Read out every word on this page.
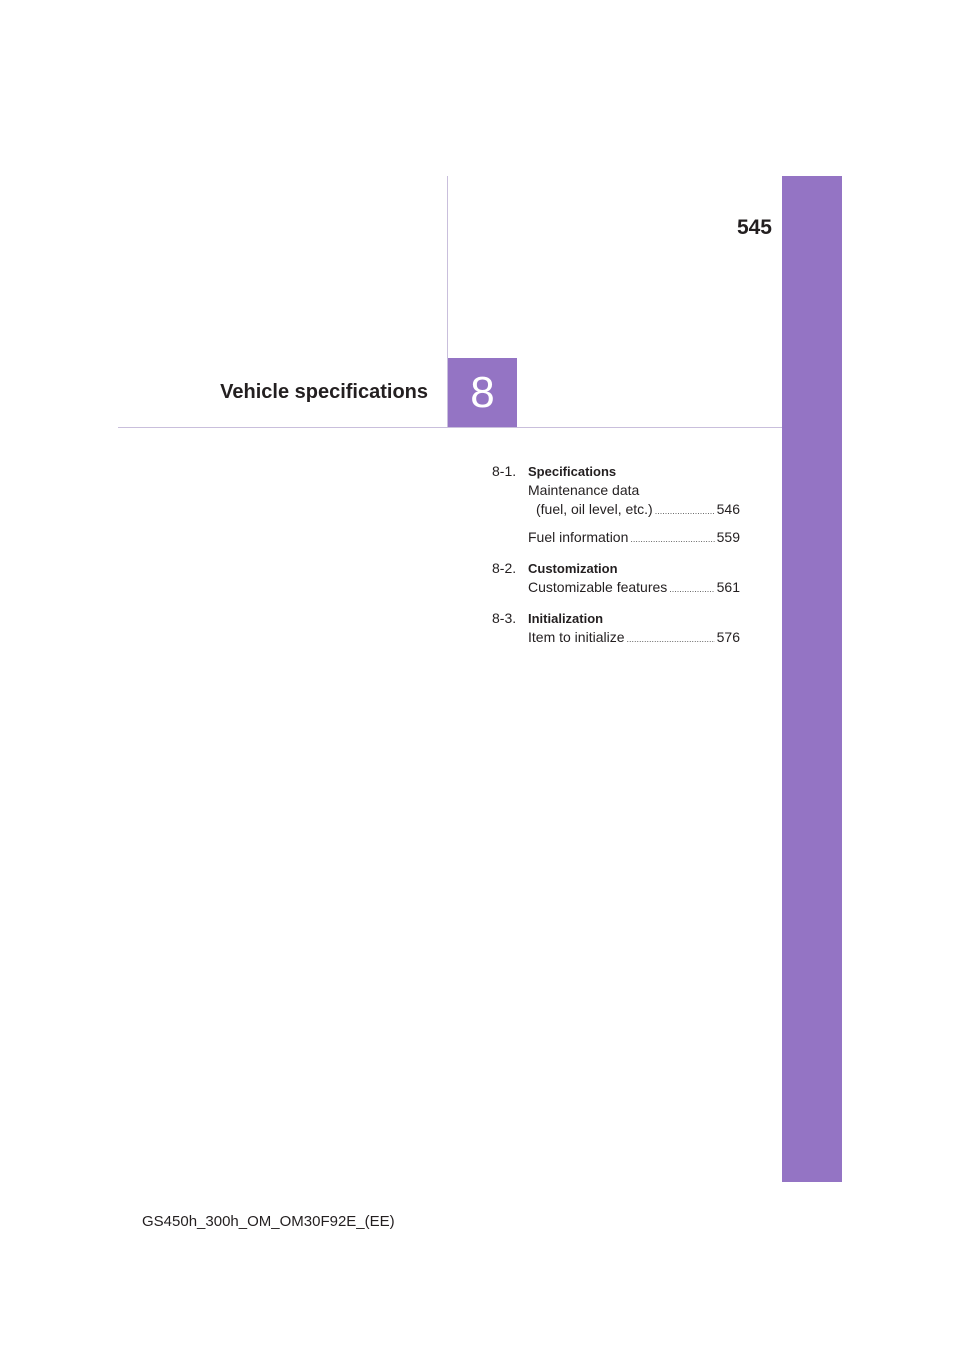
545
Vehicle specifications 8
8-1. Specifications
Maintenance data
(fuel, oil level, etc.) .....	546
Fuel information .....	559
8-2. Customization
Customizable features .....	561
8-3. Initialization
Item to initialize .....	576
GS450h_300h_OM_OM30F92E_(EE)
